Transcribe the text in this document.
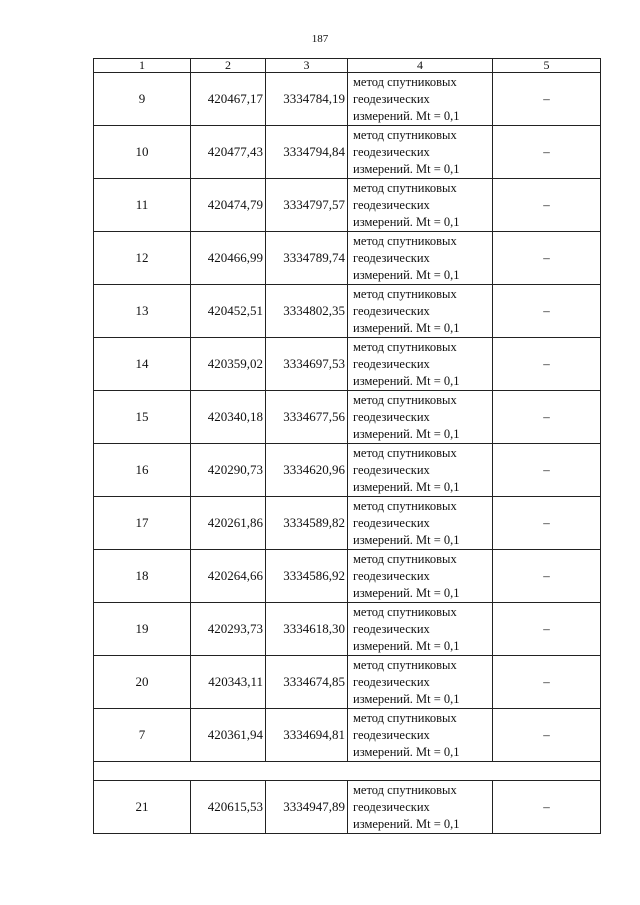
187
1	2	3	4	5
9	420467,17	3334784,19	метод спутниковых
геодезических
измерений. Mt = 0,1	–
10	420477,43	3334794,84	метод спутниковых
геодезических
измерений. Mt = 0,1	–
11	420474,79	3334797,57	метод спутниковых
геодезических
измерений. Mt = 0,1	–
12	420466,99	3334789,74	метод спутниковых
геодезических
измерений. Mt = 0,1	–
13	420452,51	3334802,35	метод спутниковых
геодезических
измерений. Mt = 0,1	–
14	420359,02	3334697,53	метод спутниковых
геодезических
измерений. Mt = 0,1	–
15	420340,18	3334677,56	метод спутниковых
геодезических
измерений. Mt = 0,1	–
16	420290,73	3334620,96	метод спутниковых
геодезических
измерений. Mt = 0,1	–
17	420261,86	3334589,82	метод спутниковых
геодезических
измерений. Mt = 0,1	–
18	420264,66	3334586,92	метод спутниковых
геодезических
измерений. Mt = 0,1	–
19	420293,73	3334618,30	метод спутниковых
геодезических
измерений. Mt = 0,1	–
20	420343,11	3334674,85	метод спутниковых
геодезических
измерений. Mt = 0,1	–
7	420361,94	3334694,81	метод спутниковых
геодезических
измерений. Mt = 0,1	–

21	420615,53	3334947,89	метод спутниковых
геодезических
измерений. Mt = 0,1	–
